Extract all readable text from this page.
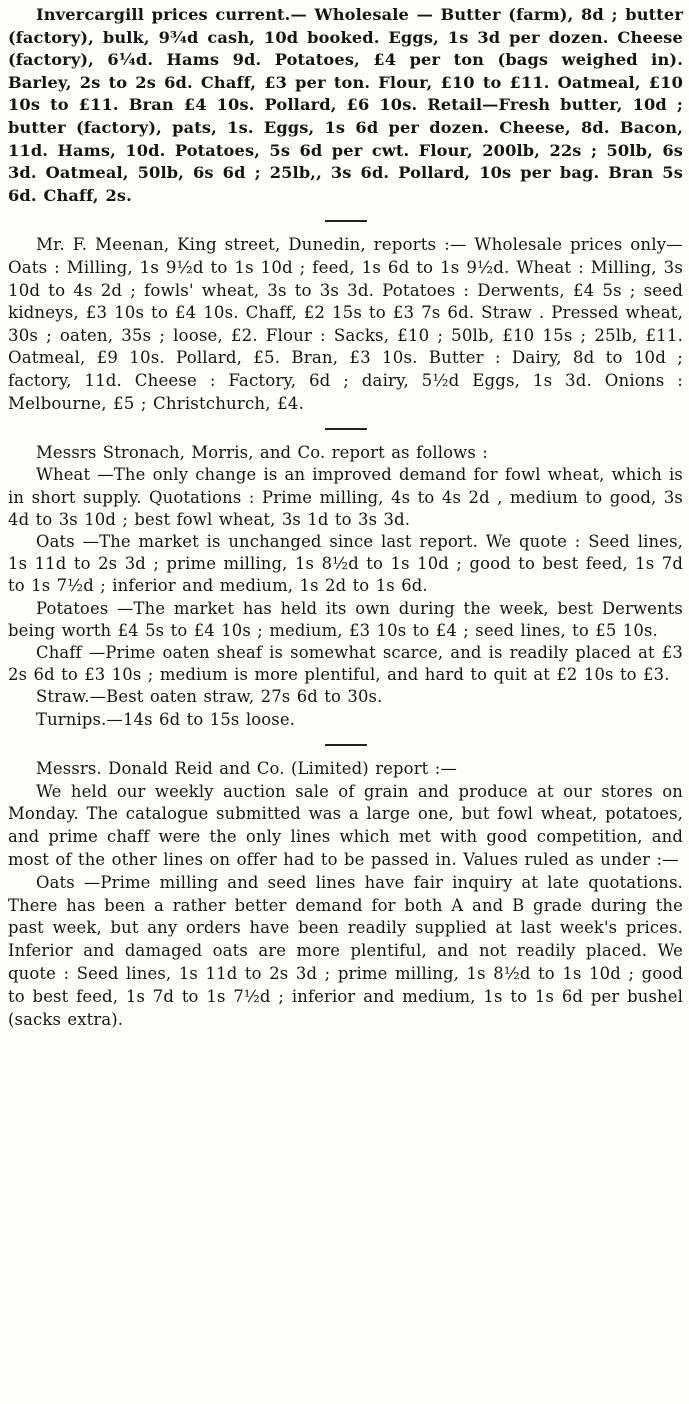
Invercargill prices current.— Wholesale — Butter (farm), 8d ; butter (factory), bulk, 9¾d cash, 10d booked. Eggs, 1s 3d per dozen. Cheese (factory), 6¼d. Hams 9d. Potatoes, £4 per ton (bags weighed in). Barley, 2s to 2s 6d. Chaff, £3 per ton. Flour, £10 to £11. Oatmeal, £10 10s to £11. Bran £4 10s. Pollard, £6 10s. Retail—Fresh butter, 10d ; butter (factory), pats, 1s. Eggs, 1s 6d per dozen. Cheese, 8d. Bacon, 11d. Hams, 10d. Potatoes, 5s 6d per cwt. Flour, 200lb, 22s ; 50lb, 6s 3d. Oatmeal, 50lb, 6s 6d ; 25lb,, 3s 6d. Pollard, 10s per bag. Bran 5s 6d. Chaff, 2s.

Mr. F. Meenan, King street, Dunedin, reports :— Wholesale prices only—Oats : Milling, 1s 9½d to 1s 10d ; feed, 1s 6d to 1s 9½d. Wheat : Milling, 3s 10d to 4s 2d ; fowls' wheat, 3s to 3s 3d. Potatoes : Derwents, £4 5s ; seed kidneys, £3 10s to £4 10s. Chaff, £2 15s to £3 7s 6d. Straw . Pressed wheat, 30s ; oaten, 35s ; loose, £2. Flour : Sacks, £10 ; 50lb, £10 15s ; 25lb, £11. Oatmeal, £9 10s. Pollard, £5. Bran, £3 10s. Butter : Dairy, 8d to 10d ; factory, 11d. Cheese : Factory, 6d ; dairy, 5½d Eggs, 1s 3d. Onions : Melbourne, £5 ; Christchurch, £4.

Messrs Stronach, Morris, and Co. report as follows :

Wheat —The only change is an improved demand for fowl wheat, which is in short supply. Quotations : Prime milling, 4s to 4s 2d , medium to good, 3s 4d to 3s 10d ; best fowl wheat, 3s 1d to 3s 3d.

Oats —The market is unchanged since last report. We quote : Seed lines, 1s 11d to 2s 3d ; prime milling, 1s 8½d to 1s 10d ; good to best feed, 1s 7d to 1s 7½d ; inferior and medium, 1s 2d to 1s 6d.

Potatoes —The market has held its own during the week, best Derwents being worth £4 5s to £4 10s ; medium, £3 10s to £4 ; seed lines, to £5 10s.

Chaff —Prime oaten sheaf is somewhat scarce, and is readily placed at £3 2s 6d to £3 10s ; medium is more plentiful, and hard to quit at £2 10s to £3.

Straw.—Best oaten straw, 27s 6d to 30s.

Turnips.—14s 6d to 15s loose.

Messrs. Donald Reid and Co. (Limited) report :—

We held our weekly auction sale of grain and produce at our stores on Monday. The catalogue submitted was a large one, but fowl wheat, potatoes, and prime chaff were the only lines which met with good competition, and most of the other lines on offer had to be passed in. Values ruled as under :—

Oats —Prime milling and seed lines have fair inquiry at late quotations. There has been a rather better demand for both A and B grade during the past week, but any orders have been readily supplied at last week's prices. Inferior and damaged oats are more plentiful, and not readily placed. We quote : Seed lines, 1s 11d to 2s 3d ; prime milling, 1s 8½d to 1s 10d ; good to best feed, 1s 7d to 1s 7½d ; inferior and medium, 1s to 1s 6d per bushel (sacks extra).
